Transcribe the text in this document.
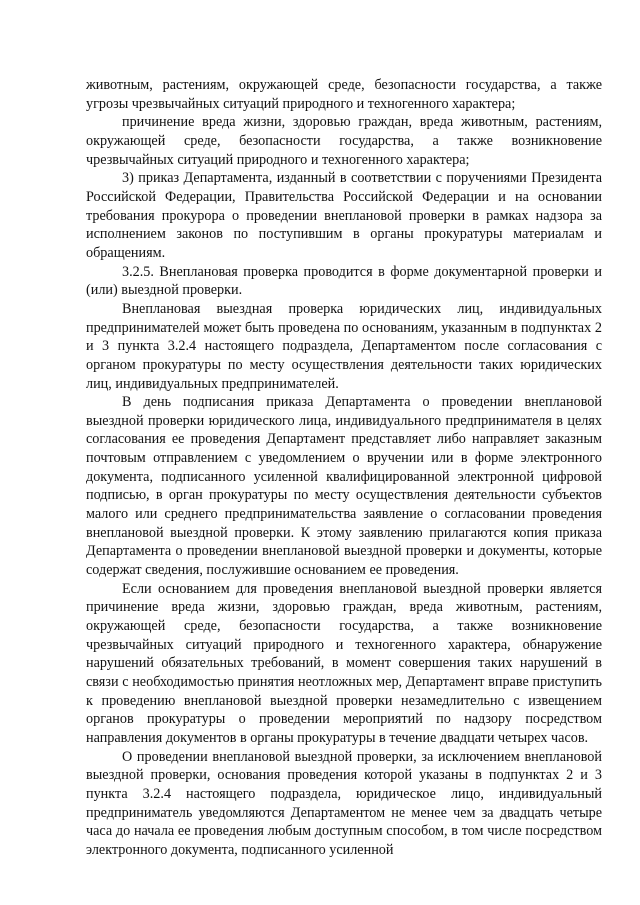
животным, растениям, окружающей среде, безопасности государства, а также угрозы чрезвычайных ситуаций природного и техногенного характера;

причинение вреда жизни, здоровью граждан, вреда животным, растениям, окружающей среде, безопасности государства, а также возникновение чрезвычайных ситуаций природного и техногенного характера;

3) приказ Департамента, изданный в соответствии с поручениями Президента Российской Федерации, Правительства Российской Федерации и на основании требования прокурора о проведении внеплановой проверки в рамках надзора за исполнением законов по поступившим в органы прокуратуры материалам и обращениям.

3.2.5. Внеплановая проверка проводится в форме документарной проверки и (или) выездной проверки.

Внеплановая выездная проверка юридических лиц, индивидуальных предпринимателей может быть проведена по основаниям, указанным в подпунктах 2 и 3 пункта 3.2.4 настоящего подраздела, Департаментом после согласования с органом прокуратуры по месту осуществления деятельности таких юридических лиц, индивидуальных предпринимателей.

В день подписания приказа Департамента о проведении внеплановой выездной проверки юридического лица, индивидуального предпринимателя в целях согласования ее проведения Департамент представляет либо направляет заказным почтовым отправлением с уведомлением о вручении или в форме электронного документа, подписанного усиленной квалифицированной электронной цифровой подписью, в орган прокуратуры по месту осуществления деятельности субъектов малого или среднего предпринимательства заявление о согласовании проведения внеплановой выездной проверки. К этому заявлению прилагаются копия приказа Департамента о проведении внеплановой выездной проверки и документы, которые содержат сведения, послужившие основанием ее проведения.

Если основанием для проведения внеплановой выездной проверки является причинение вреда жизни, здоровью граждан, вреда животным, растениям, окружающей среде, безопасности государства, а также возникновение чрезвычайных ситуаций природного и техногенного характера, обнаружение нарушений обязательных требований, в момент совершения таких нарушений в связи с необходимостью принятия неотложных мер, Департамент вправе приступить к проведению внеплановой выездной проверки незамедлительно с извещением органов прокуратуры о проведении мероприятий по надзору посредством направления документов в органы прокуратуры в течение двадцати четырех часов.

О проведении внеплановой выездной проверки, за исключением внеплановой выездной проверки, основания проведения которой указаны в подпунктах 2 и 3 пункта 3.2.4 настоящего подраздела, юридическое лицо, индивидуальный предприниматель уведомляются Департаментом не менее чем за двадцать четыре часа до начала ее проведения любым доступным способом, в том числе посредством электронного документа, подписанного усиленной
